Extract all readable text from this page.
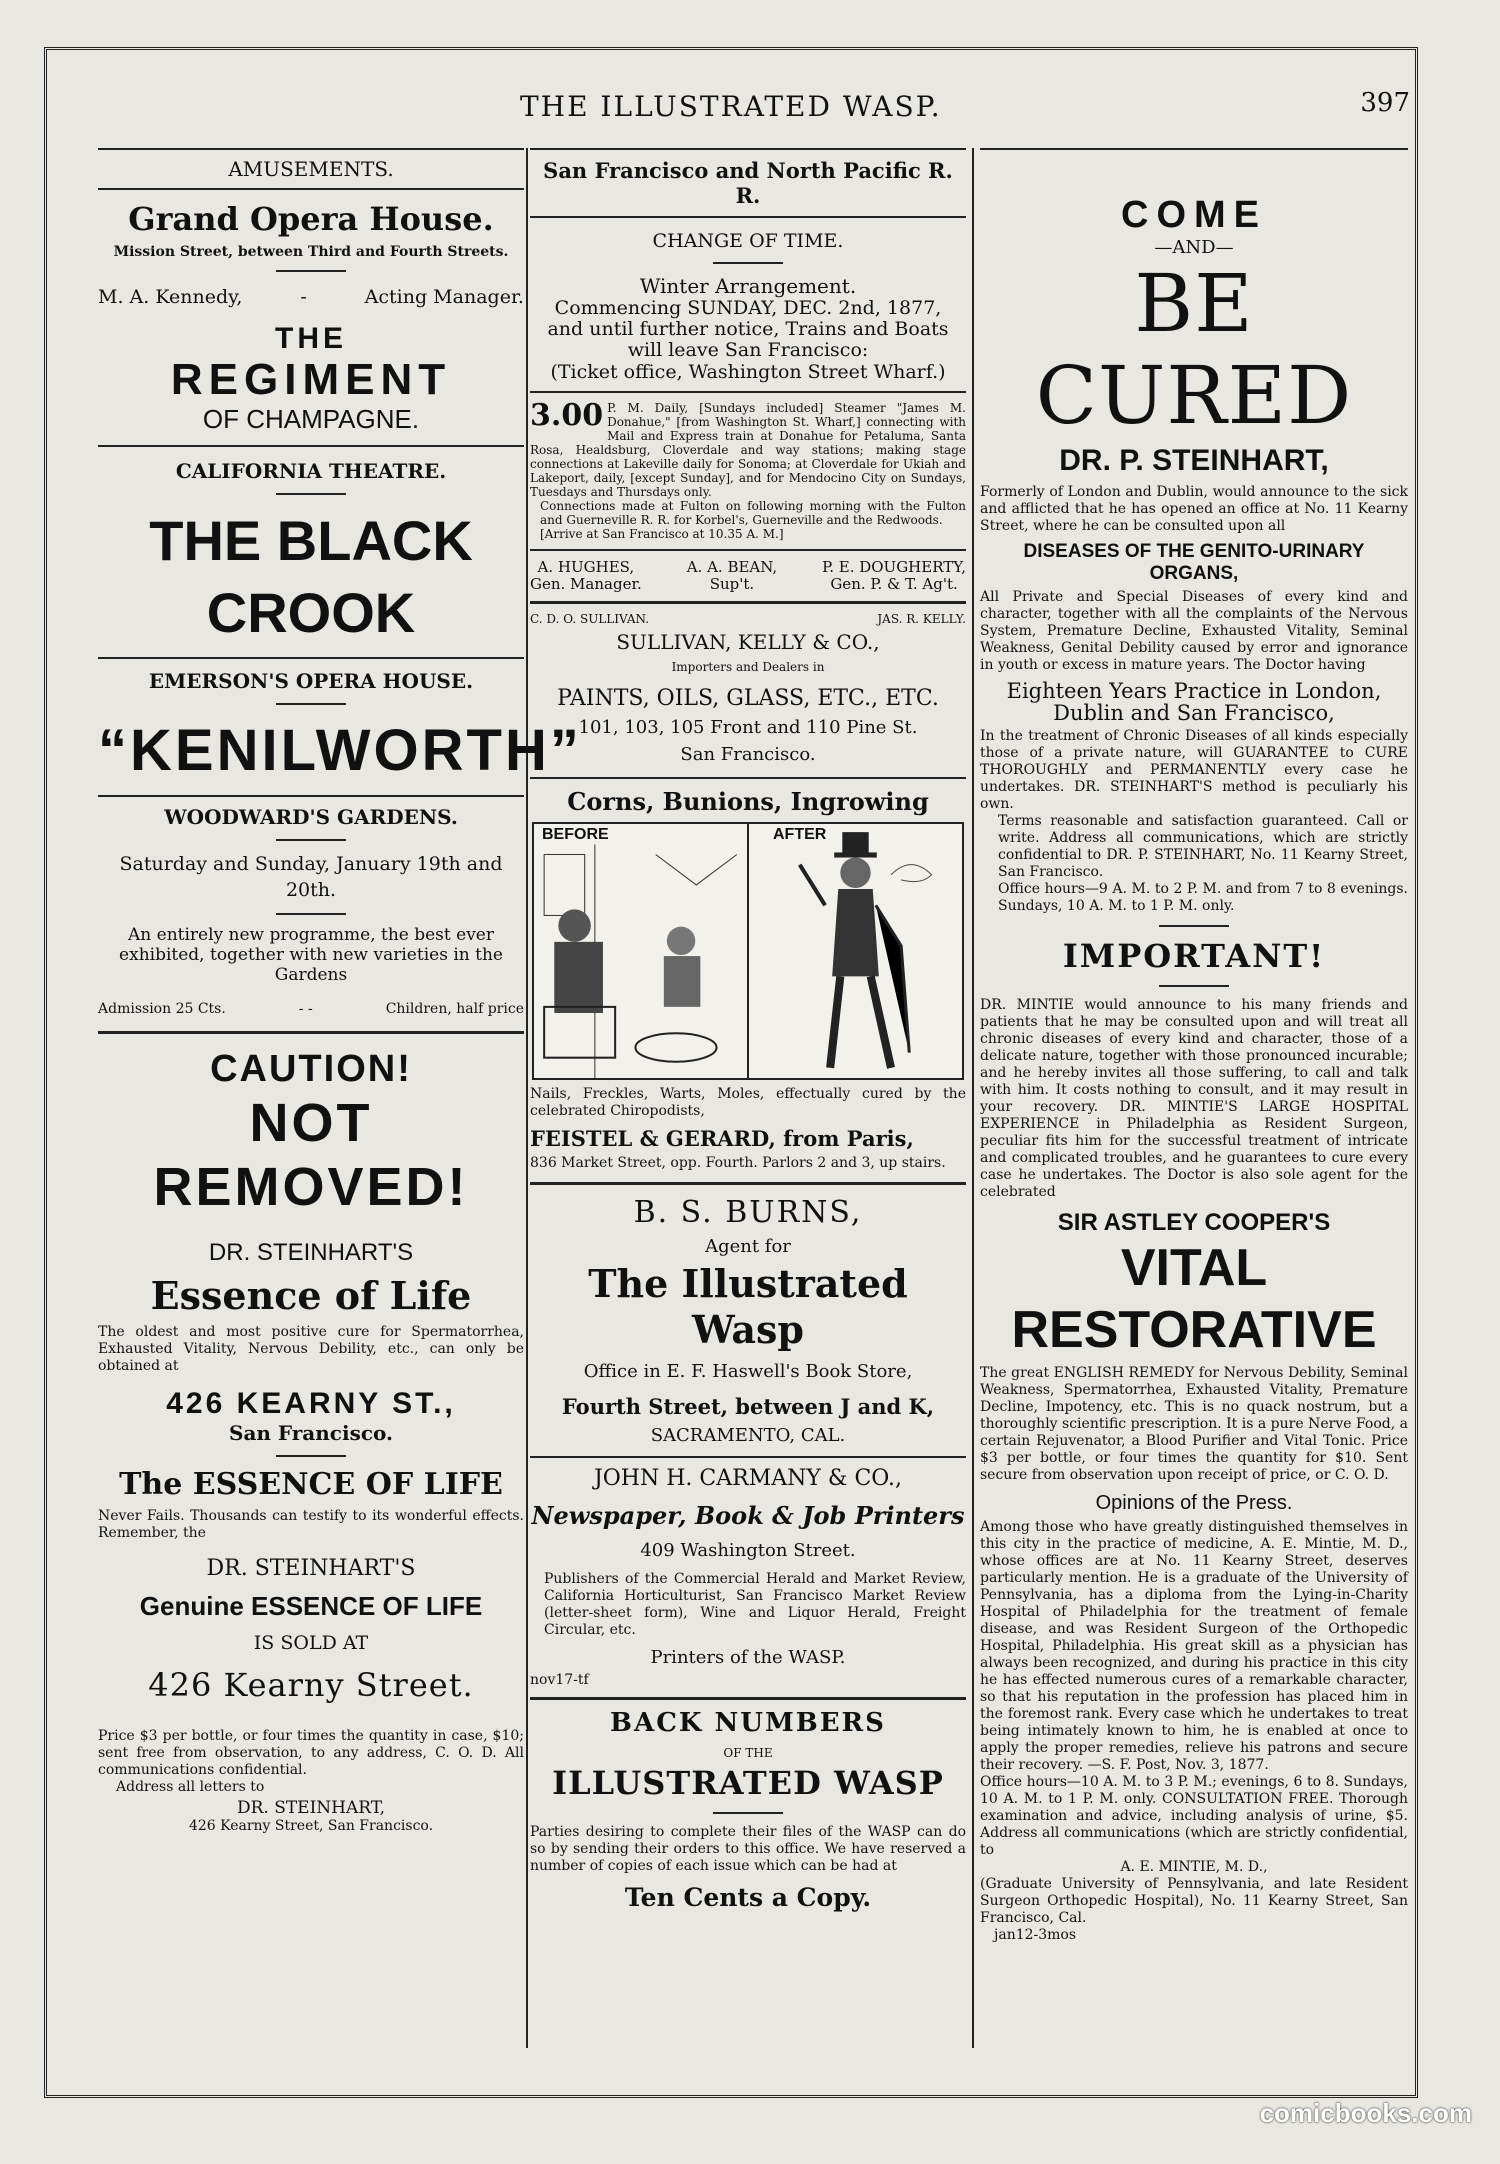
THE ILLUSTRATED WASP.	397
AMUSEMENTS.
Grand Opera House.
Mission Street, between Third and Fourth Streets.
M. A. Kennedy,	-	Acting Manager.
THE
REGIMENT
OF CHAMPAGNE.
CALIFORNIA THEATRE.
THE BLACK CROOK
EMERSON'S OPERA HOUSE.
“KENILWORTH”
WOODWARD'S GARDENS.
Saturday and Sunday, January 19th and 20th.
An entirely new programme, the best ever exhibited, together with new varieties in the Gardens
Admission 25 Cts.	- -	Children, half price
CAUTION!
NOT REMOVED!
DR. STEINHART'S
Essence of Life
The oldest and most positive cure for Spermatorrhea, Exhausted Vitality, Nervous Debility, etc., can only be obtained at
426 KEARNY ST.,
San Francisco.
The ESSENCE OF LIFE
Never Fails. Thousands can testify to its wonderful effects. Remember, the
DR. STEINHART'S
Genuine ESSENCE OF LIFE
IS SOLD AT
426 Kearny Street.
Price $3 per bottle, or four times the quantity in case, $10; sent free from observation, to any address, C. O. D. All communications confidential.
Address all letters to
DR. STEINHART,
426 Kearny Street, San Francisco.
San Francisco and North Pacific R. R.
CHANGE OF TIME.
Winter Arrangement.
Commencing SUNDAY, DEC. 2nd, 1877, and until further notice, Trains and Boats will leave San Francisco:
(Ticket office, Washington Street Wharf.)
3.00 P. M. Daily, [Sundays included] Steamer "James M. Donahue," [from Washington St. Wharf,] connecting with Mail and Express train at Donahue for Petaluma, Santa Rosa, Healdsburg, Cloverdale and way stations; making stage connections at Lakeville daily for Sonoma; at Cloverdale for Ukiah and Lakeport, daily, [except Sunday], and for Mendocino City on Sundays, Tuesdays and Thursdays only.
Connections made at Fulton on following morning with the Fulton and Guerneville R. R. for Korbel's, Guerneville and the Redwoods.
[Arrive at San Francisco at 10.35 A. M.]
A. HUGHES,
Gen. Manager.
A. A. BEAN,
Sup't.
P. E. DOUGHERTY,
Gen. P. & T. Ag't.
C. D. O. SULLIVAN.	JAS. R. KELLY.
SULLIVAN, KELLY & CO.,
Importers and Dealers in
PAINTS, OILS, GLASS, ETC., ETC.
101, 103, 105 Front and 110 Pine St.
San Francisco.
Corns, Bunions, Ingrowing
BEFORE	AFTER
Nails, Freckles, Warts, Moles, effectually cured by the celebrated Chiropodists,
FEISTEL & GERARD, from Paris,
836 Market Street, opp. Fourth. Parlors 2 and 3, up stairs.
B. S. BURNS,
Agent for
The Illustrated Wasp
Office in E. F. Haswell's Book Store,
Fourth Street, between J and K,
SACRAMENTO, CAL.
JOHN H. CARMANY & CO.,
Newspaper, Book & Job Printers
409 Washington Street.
Publishers of the Commercial Herald and Market Review, California Horticulturist, San Francisco Market Review (letter-sheet form), Wine and Liquor Herald, Freight Circular, etc.
Printers of the WASP.
nov17-tf
BACK NUMBERS
OF THE
ILLUSTRATED WASP
Parties desiring to complete their files of the WASP can do so by sending their orders to this office. We have reserved a number of copies of each issue which can be had at
Ten Cents a Copy.
COME
—AND—
BE CURED
DR. P. STEINHART,
Formerly of London and Dublin, would announce to the sick and afflicted that he has opened an office at No. 11 Kearny Street, where he can be consulted upon all
DISEASES OF THE GENITO-URINARY ORGANS,
All Private and Special Diseases of every kind and character, together with all the complaints of the Nervous System, Premature Decline, Exhausted Vitality, Seminal Weakness, Genital Debility caused by error and ignorance in youth or excess in mature years. The Doctor having
Eighteen Years Practice in London, Dublin and San Francisco,
In the treatment of Chronic Diseases of all kinds especially those of a private nature, will GUARANTEE to CURE THOROUGHLY and PERMANENTLY every case he undertakes. DR. STEINHART'S method is peculiarly his own.
Terms reasonable and satisfaction guaranteed. Call or write. Address all communications, which are strictly confidential to DR. P. STEINHART, No. 11 Kearny Street, San Francisco.
Office hours—9 A. M. to 2 P. M. and from 7 to 8 evenings. Sundays, 10 A. M. to 1 P. M. only.
IMPORTANT!
DR. MINTIE would announce to his many friends and patients that he may be consulted upon and will treat all chronic diseases of every kind and character, those of a delicate nature, together with those pronounced incurable; and he hereby invites all those suffering, to call and talk with him. It costs nothing to consult, and it may result in your recovery. DR. MINTIE'S LARGE HOSPITAL EXPERIENCE in Philadelphia as Resident Surgeon, peculiar fits him for the successful treatment of intricate and complicated troubles, and he guarantees to cure every case he undertakes. The Doctor is also sole agent for the celebrated
SIR ASTLEY COOPER'S
VITAL RESTORATIVE
The great ENGLISH REMEDY for Nervous Debility, Seminal Weakness, Spermatorrhea, Exhausted Vitality, Premature Decline, Impotency, etc. This is no quack nostrum, but a thoroughly scientific prescription. It is a pure Nerve Food, a certain Rejuvenator, a Blood Purifier and Vital Tonic. Price $3 per bottle, or four times the quantity for $10. Sent secure from observation upon receipt of price, or C. O. D.
Opinions of the Press.
Among those who have greatly distinguished themselves in this city in the practice of medicine, A. E. Mintie, M. D., whose offices are at No. 11 Kearny Street, deserves particularly mention. He is a graduate of the University of Pennsylvania, has a diploma from the Lying-in-Charity Hospital of Philadelphia for the treatment of female disease, and was Resident Surgeon of the Orthopedic Hospital, Philadelphia. His great skill as a physician has always been recognized, and during his practice in this city he has effected numerous cures of a remarkable character, so that his reputation in the profession has placed him in the foremost rank. Every case which he undertakes to treat being intimately known to him, he is enabled at once to apply the proper remedies, relieve his patrons and secure their recovery. —S. F. Post, Nov. 3, 1877.
Office hours—10 A. M. to 3 P. M.; evenings, 6 to 8. Sundays, 10 A. M. to 1 P. M. only. CONSULTATION FREE. Thorough examination and advice, including analysis of urine, $5. Address all communications (which are strictly confidential, to
A. E. MINTIE, M. D.,
(Graduate University of Pennsylvania, and late Resident Surgeon Orthopedic Hospital), No. 11 Kearny Street, San Francisco, Cal.
jan12-3mos
comicbooks.com
